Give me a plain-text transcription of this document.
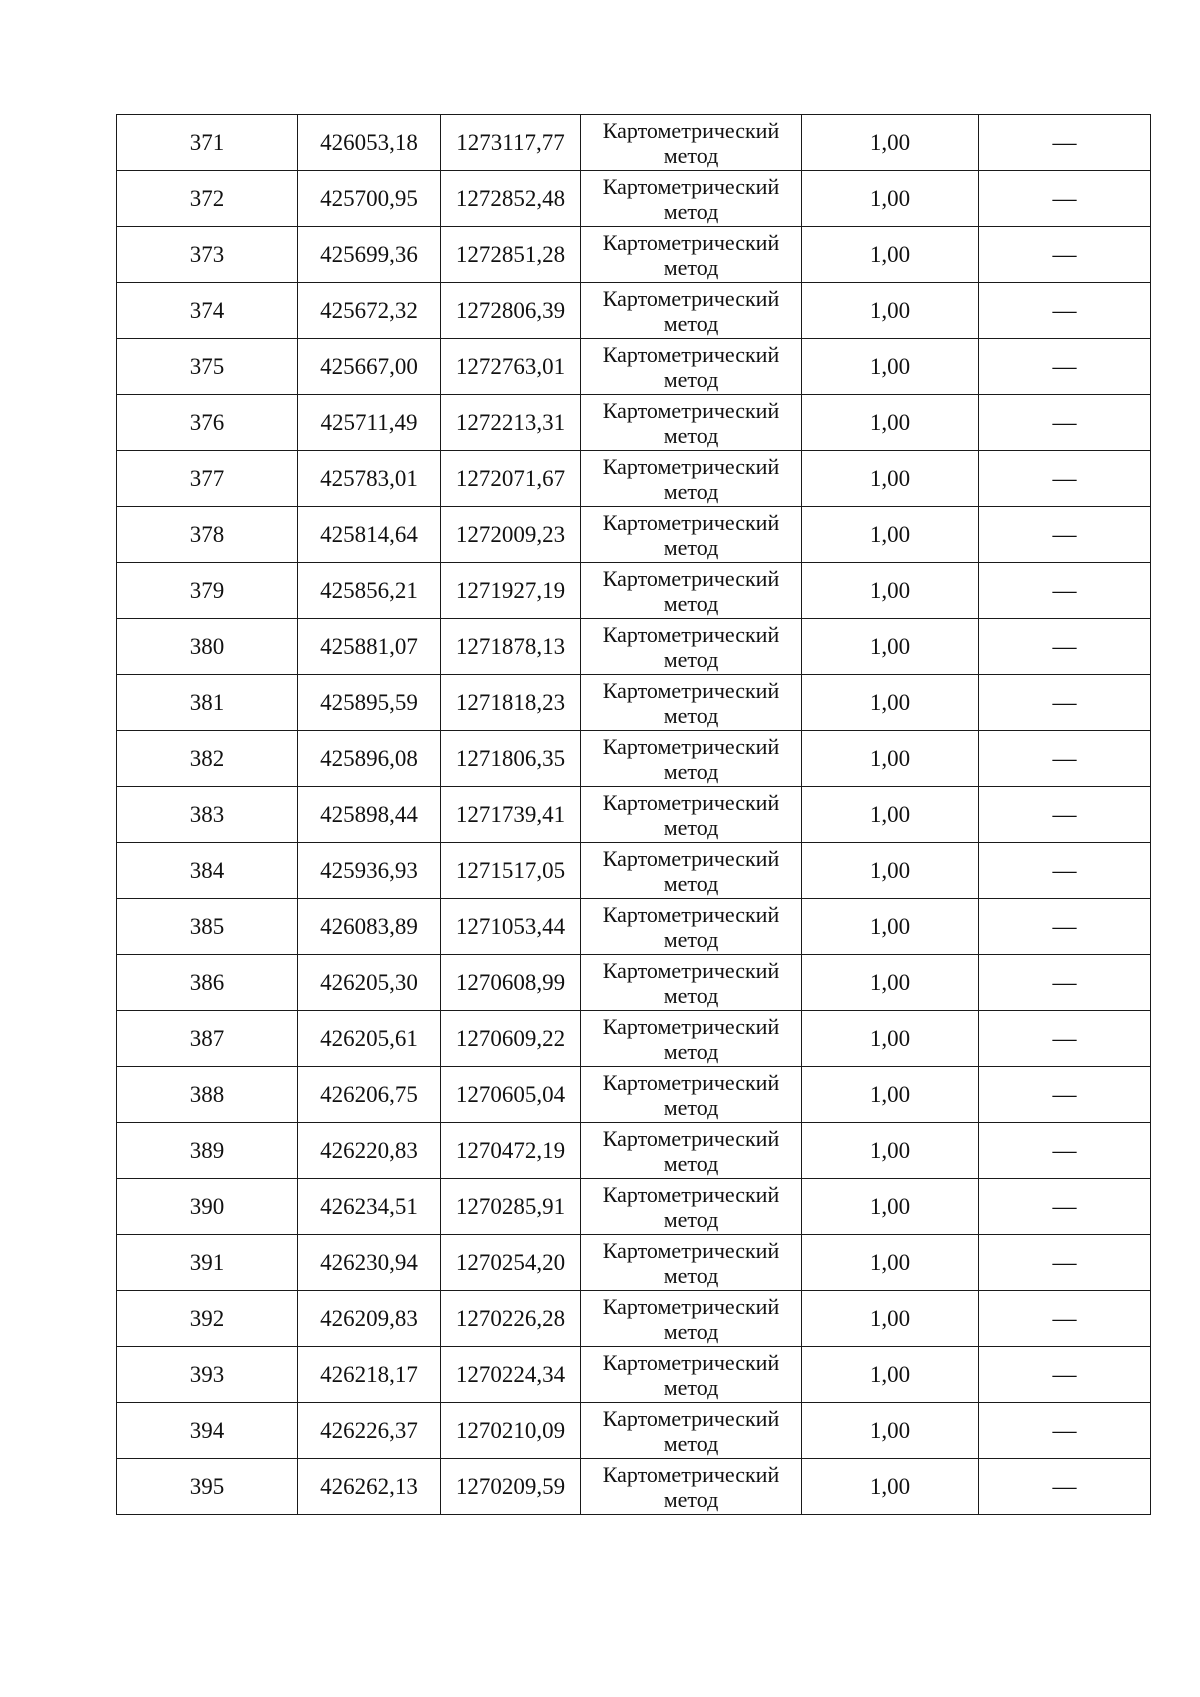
371	426053,18	1273117,77	Картометрический метод	1,00	—
372	425700,95	1272852,48	Картометрический метод	1,00	—
373	425699,36	1272851,28	Картометрический метод	1,00	—
374	425672,32	1272806,39	Картометрический метод	1,00	—
375	425667,00	1272763,01	Картометрический метод	1,00	—
376	425711,49	1272213,31	Картометрический метод	1,00	—
377	425783,01	1272071,67	Картометрический метод	1,00	—
378	425814,64	1272009,23	Картометрический метод	1,00	—
379	425856,21	1271927,19	Картометрический метод	1,00	—
380	425881,07	1271878,13	Картометрический метод	1,00	—
381	425895,59	1271818,23	Картометрический метод	1,00	—
382	425896,08	1271806,35	Картометрический метод	1,00	—
383	425898,44	1271739,41	Картометрический метод	1,00	—
384	425936,93	1271517,05	Картометрический метод	1,00	—
385	426083,89	1271053,44	Картометрический метод	1,00	—
386	426205,30	1270608,99	Картометрический метод	1,00	—
387	426205,61	1270609,22	Картометрический метод	1,00	—
388	426206,75	1270605,04	Картометрический метод	1,00	—
389	426220,83	1270472,19	Картометрический метод	1,00	—
390	426234,51	1270285,91	Картометрический метод	1,00	—
391	426230,94	1270254,20	Картометрический метод	1,00	—
392	426209,83	1270226,28	Картометрический метод	1,00	—
393	426218,17	1270224,34	Картометрический метод	1,00	—
394	426226,37	1270210,09	Картометрический метод	1,00	—
395	426262,13	1270209,59	Картометрический метод	1,00	—
